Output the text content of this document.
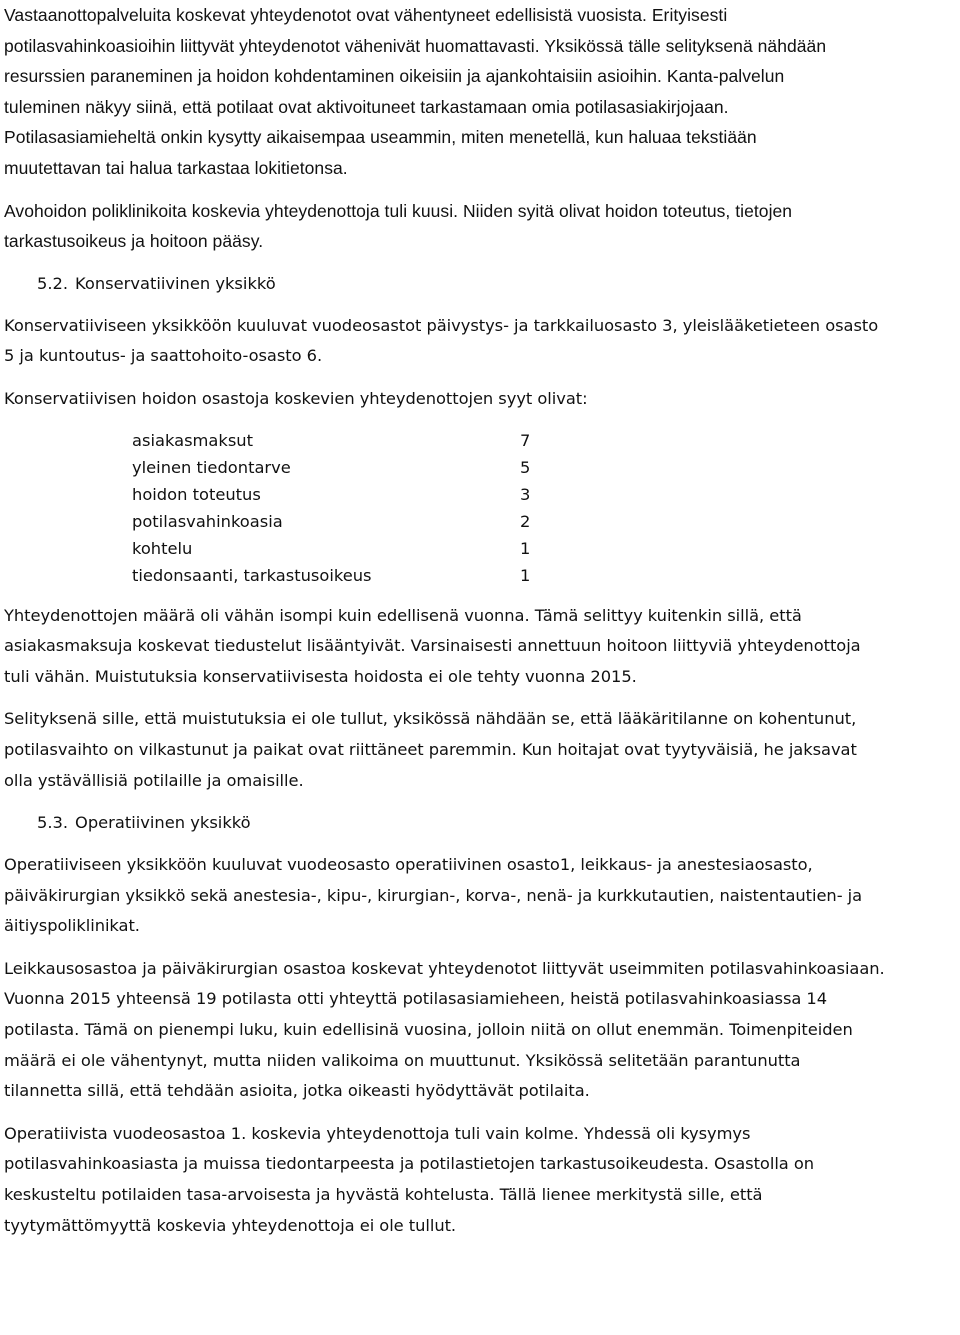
Vastaanottopalveluita koskevat yhteydenotot ovat vähentyneet edellisistä vuosista. Erityisesti
potilasvahinkoasioihin liittyvät yhteydenotot vähenivät huomattavasti. Yksikössä tälle selityksenä nähdään
resurssien paraneminen ja hoidon kohdentaminen oikeisiin ja ajankohtaisiin asioihin. Kanta-palvelun
tuleminen näkyy siinä, että potilaat ovat aktivoituneet tarkastamaan omia potilasasiakirjojaan.
Potilasasiamieheltä onkin kysytty aikaisempaa useammin, miten menetellä, kun haluaa tekstiään
muutettavan tai halua tarkastaa lokitietonsa.

Avohoidon poliklinikoita koskevia yhteydenottoja tuli kuusi. Niiden syitä olivat hoidon toteutus, tietojen
tarkastusoikeus ja hoitoon pääsy.

5.2. Konservatiivinen yksikkö

Konservatiiviseen yksikköön kuuluvat vuodeosastot päivystys- ja tarkkailuosasto 3, yleislääketieteen osasto
5 ja kuntoutus- ja saattohoito-osasto 6.

Konservatiivisen hoidon osastoja koskevien yhteydenottojen syyt olivat:

asiakasmaksut	7
yleinen tiedontarve	5
hoidon toteutus	3
potilasvahinkoasia	2
kohtelu	1
tiedonsaanti, tarkastusoikeus	1

Yhteydenottojen määrä oli vähän isompi kuin edellisenä vuonna. Tämä selittyy kuitenkin sillä, että
asiakasmaksuja koskevat tiedustelut lisääntyivät. Varsinaisesti annettuun hoitoon liittyviä yhteydenottoja
tuli vähän. Muistutuksia konservatiivisesta hoidosta ei ole tehty vuonna 2015.

Selityksenä sille, että muistutuksia ei ole tullut, yksikössä nähdään se, että lääkäritilanne on kohentunut,
potilasvaihto on vilkastunut ja paikat ovat riittäneet paremmin. Kun hoitajat ovat tyytyväisiä, he jaksavat
olla ystävällisiä potilaille ja omaisille.

5.3. Operatiivinen yksikkö

Operatiiviseen yksikköön kuuluvat vuodeosasto operatiivinen osasto1, leikkaus- ja anestesiaosasto,
päiväkirurgian yksikkö sekä anestesia-, kipu-, kirurgian-, korva-, nenä- ja kurkkutautien, naistentautien- ja
äitiyspoliklinikat.

Leikkausosastoa ja päiväkirurgian osastoa koskevat yhteydenotot liittyvät useimmiten potilasvahinkoasiaan.
Vuonna 2015 yhteensä 19 potilasta otti yhteyttä potilasasiamieheen, heistä potilasvahinkoasiassa 14
potilasta. Tämä on pienempi luku, kuin edellisinä vuosina, jolloin niitä on ollut enemmän. Toimenpiteiden
määrä ei ole vähentynyt, mutta niiden valikoima on muuttunut. Yksikössä selitetään parantunutta
tilannetta sillä, että tehdään asioita, jotka oikeasti hyödyttävät potilaita.

Operatiivista vuodeosastoa 1. koskevia yhteydenottoja tuli vain kolme. Yhdessä oli kysymys
potilasvahinkoasiasta ja muissa tiedontarpeesta ja potilastietojen tarkastusoikeudesta. Osastolla on
keskusteltu potilaiden tasa-arvoisesta ja hyvästä kohtelusta. Tällä lienee merkitystä sille, että
tyytymättömyyttä koskevia yhteydenottoja ei ole tullut.
